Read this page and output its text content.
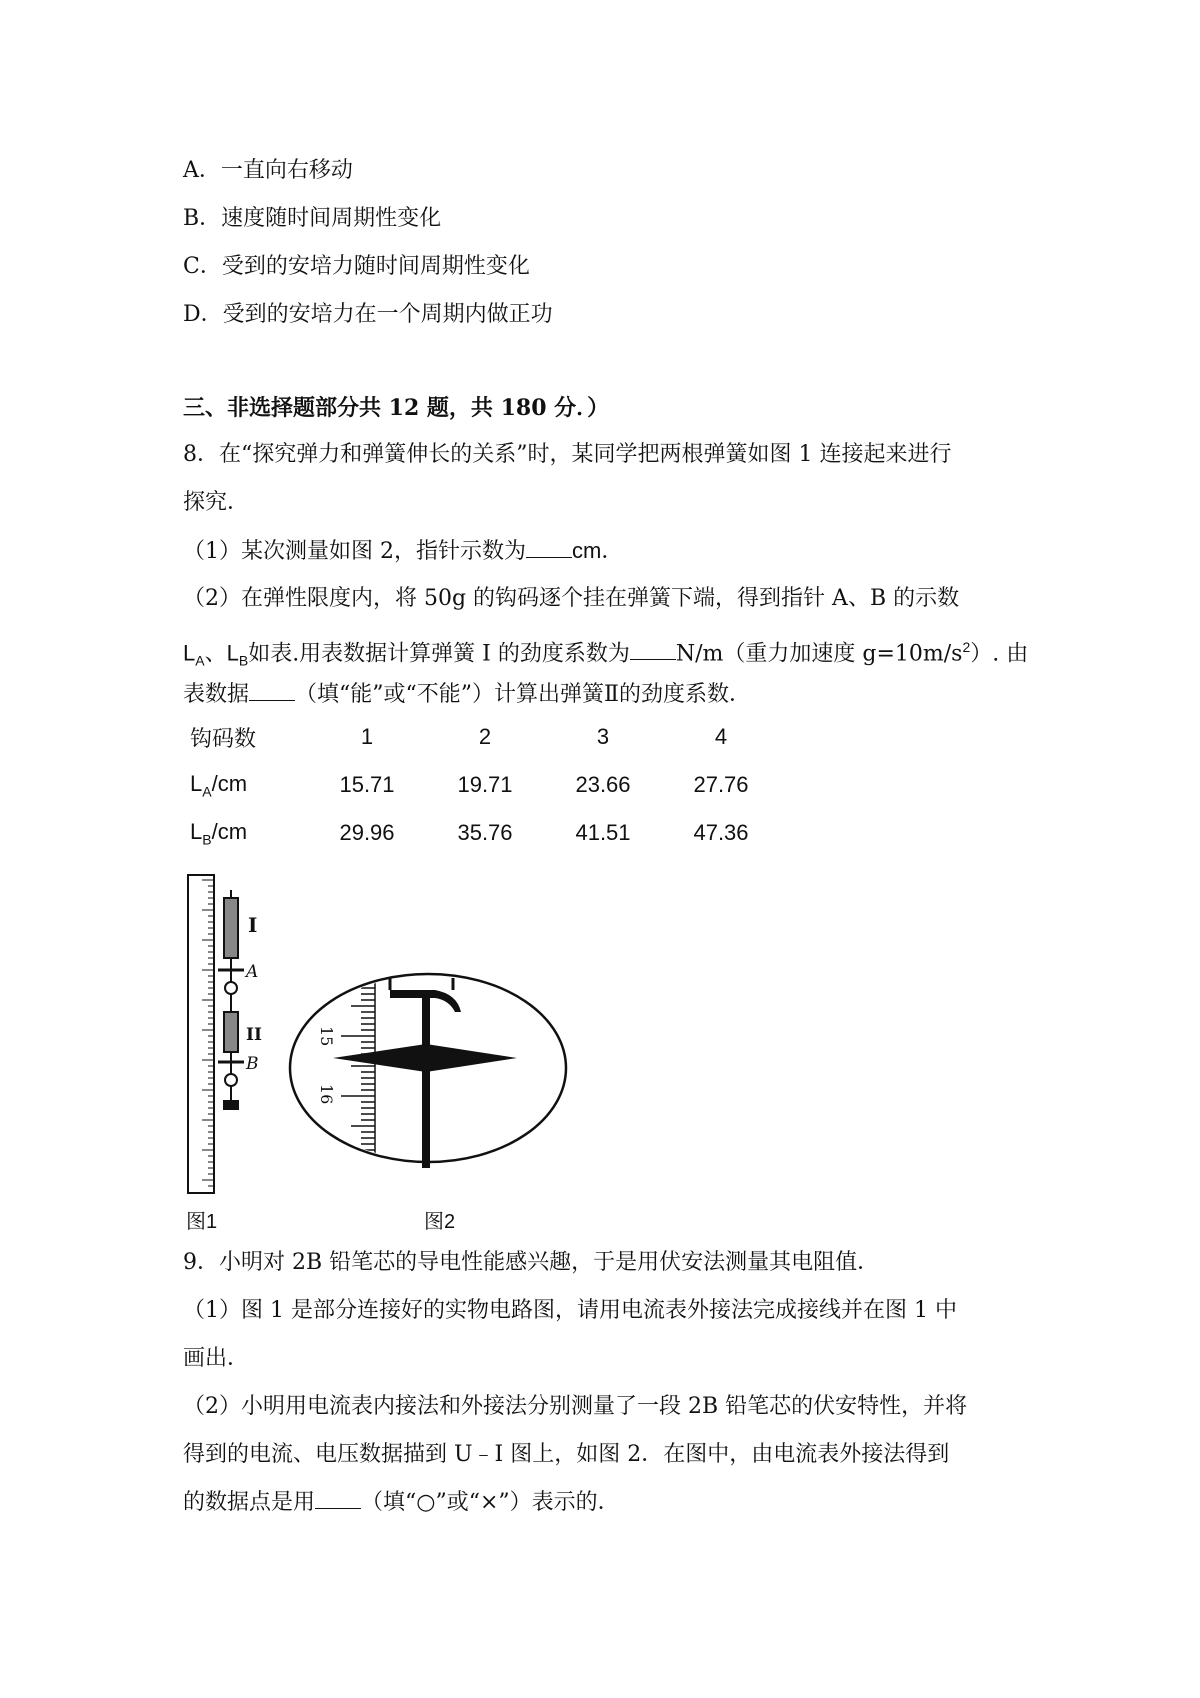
A．一直向右移动
B．速度随时间周期性变化
C．受到的安培力随时间周期性变化
D．受到的安培力在一个周期内做正功
三、非选择题部分共 12 题，共 180 分．）
8．在“探究弹力和弹簧伸长的关系”时，某同学把两根弹簧如图 1 连接起来进行
探究．
（1）某次测量如图 2，指针示数为 cm．
（2）在弹性限度内，将 50g 的钩码逐个挂在弹簧下端，得到指针 A、B 的示数
$L_A$、$L_B$如表.用表数据计算弹簧 I 的劲度系数为 N/m（重力加速度 $g=10m/s^2$）. 由
表数据 （填“能”或“不能”）计算出弹簧Ⅱ的劲度系数．
钩码数	1	2	3	4
$L_A/cm$	15.71	19.71	23.66	27.76
$L_B/cm$	29.96	35.76	41.51	47.36
I
A
II
B
图1
15
16
图2
9．小明对 2B 铅笔芯的导电性能感兴趣，于是用伏安法测量其电阻值．
（1）图 1 是部分连接好的实物电路图，请用电流表外接法完成接线并在图 1 中
画出．
（2）小明用电流表内接法和外接法分别测量了一段 2B 铅笔芯的伏安特性，并将
得到的电流、电压数据描到 U﹣I 图上，如图 2．在图中，由电流表外接法得到
的数据点是用 （填“○”或“×”）表示的．
